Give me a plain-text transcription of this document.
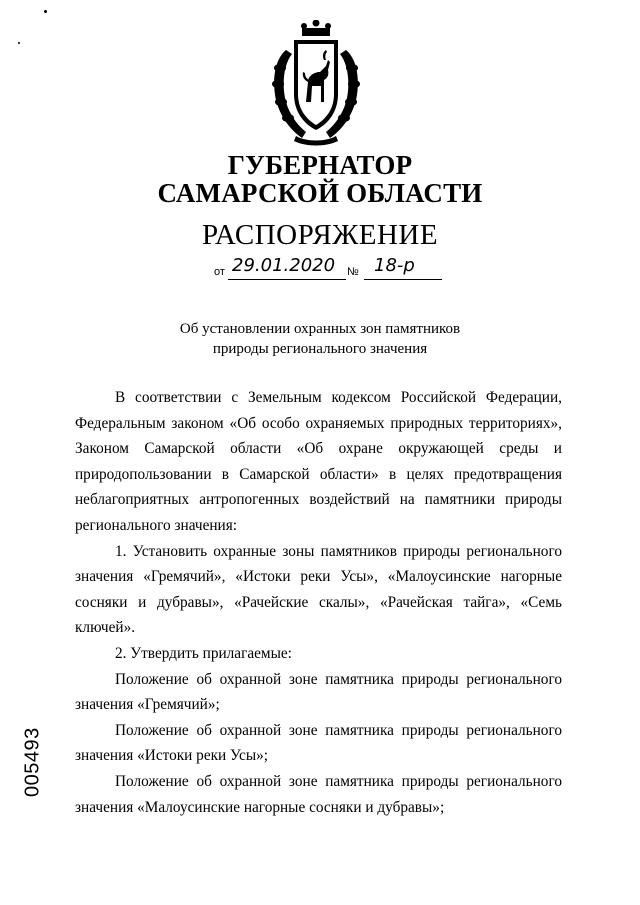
ГУБЕРНАТОР
САМАРСКОЙ ОБЛАСТИ
РАСПОРЯЖЕНИЕ
от 29.01.2020 № 18-р
Об установлении охранных зон памятников
природы регионального значения

В соответствии с Земельным кодексом Российской Федерации, Федеральным законом «Об особо охраняемых природных территориях», Законом Самарской области «Об охране окружающей среды и природопользовании в Самарской области» в целях предотвращения неблагоприятных антропогенных воздействий на памятники природы регионального значения:

1. Установить охранные зоны памятников природы регионального значения «Гремячий», «Истоки реки Усы», «Малоусинские нагорные сосняки и дубравы», «Рачейские скалы», «Рачейская тайга», «Семь ключей».

2. Утвердить прилагаемые:

Положение об охранной зоне памятника природы регионального значения «Гремячий»;

Положение об охранной зоне памятника природы регионального значения «Истоки реки Усы»;

Положение об охранной зоне памятника природы регионального значения «Малоусинские нагорные сосняки и дубравы»;

005493
